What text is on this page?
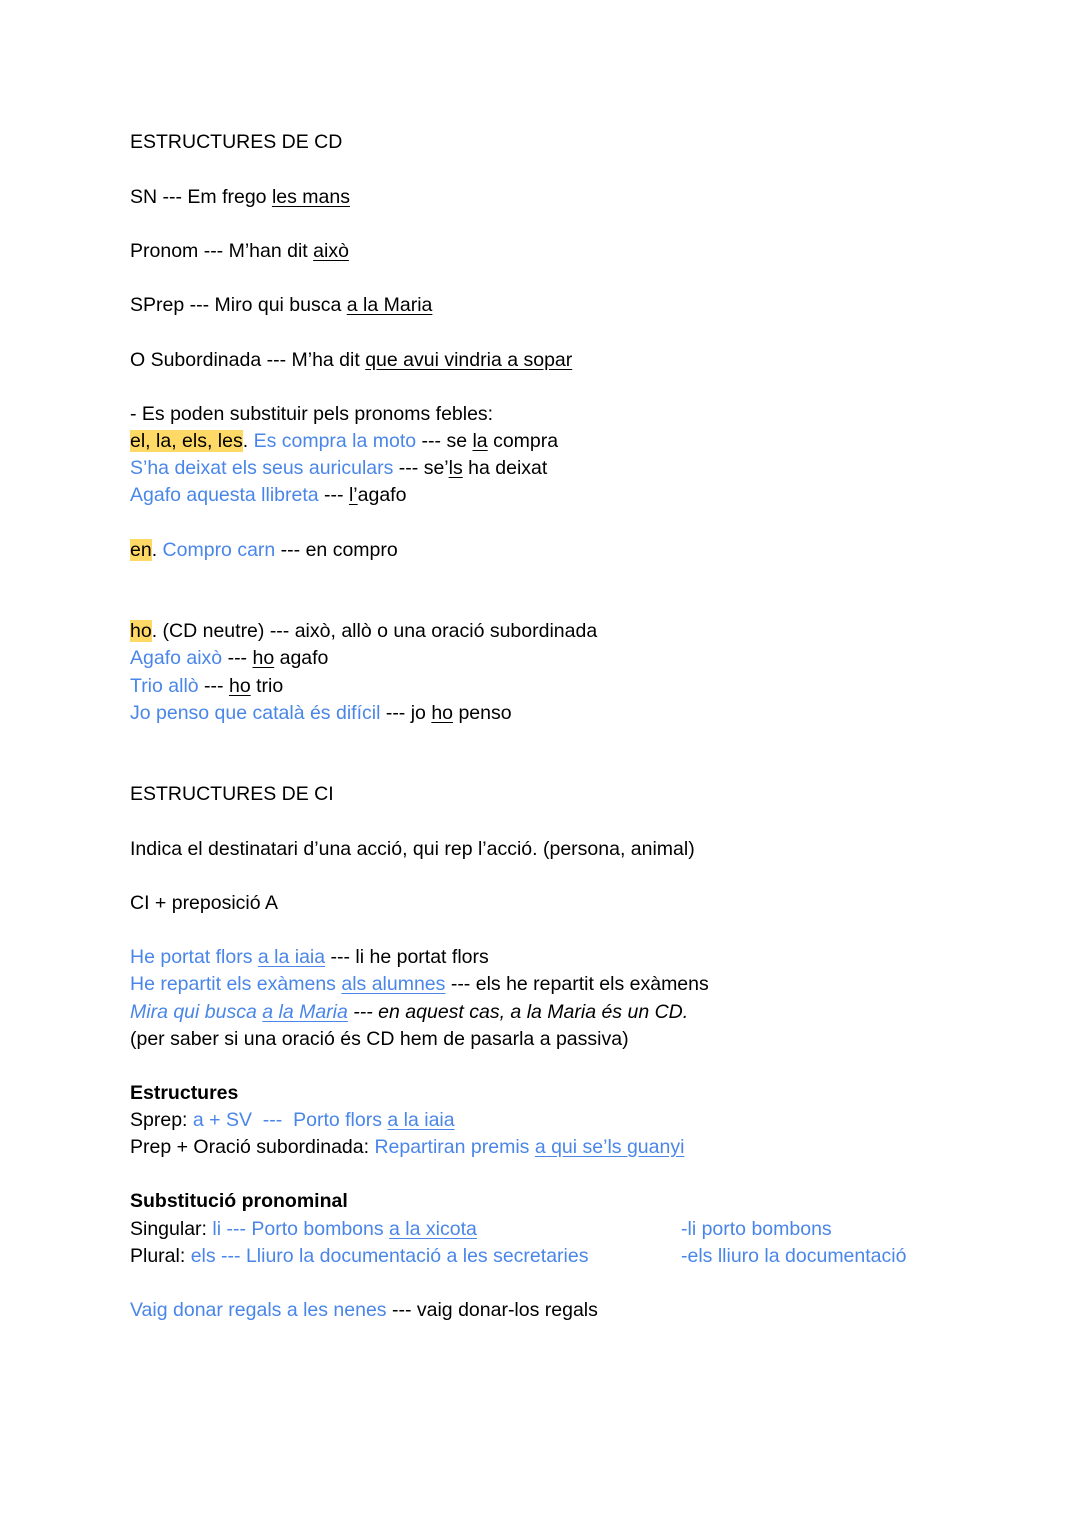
ESTRUCTURES DE CD
SN --- Em frego les mans
Pronom --- M’han dit això
SPrep --- Miro qui busca a la Maria
O Subordinada --- M’ha dit que avui vindria a sopar
- Es poden substituir pels pronoms febles:
el, la, els, les. Es compra la moto --- se la compra
S’ha deixat els seus auriculars --- se’ls ha deixat
Agafo aquesta llibreta --- l’agafo
en. Compro carn --- en compro
ho. (CD neutre) --- això, allò o una oració subordinada
Agafo això --- ho agafo
Trio allò --- ho trio
Jo penso que català és difícil --- jo ho penso
ESTRUCTURES DE CI
Indica el destinatari d’una acció, qui rep l’acció. (persona, animal)
CI + preposició A
He portat flors a la iaia --- li he portat flors
He repartit els exàmens als alumnes --- els he repartit els exàmens
Mira qui busca a la Maria --- en aquest cas, a la Maria és un CD.
(per saber si una oració és CD hem de pasarla a passiva)
Estructures
Sprep: a + SV  ---  Porto flors a la iaia
Prep + Oració subordinada: Repartiran premis a qui se’ls guanyi
Substitució pronominal
Singular: li --- Porto bombons a la xicota	-li porto bombons
Plural: els --- Lliuro la documentació a les secretaries	-els lliuro la documentació
Vaig donar regals a les nenes --- vaig donar-los regals
